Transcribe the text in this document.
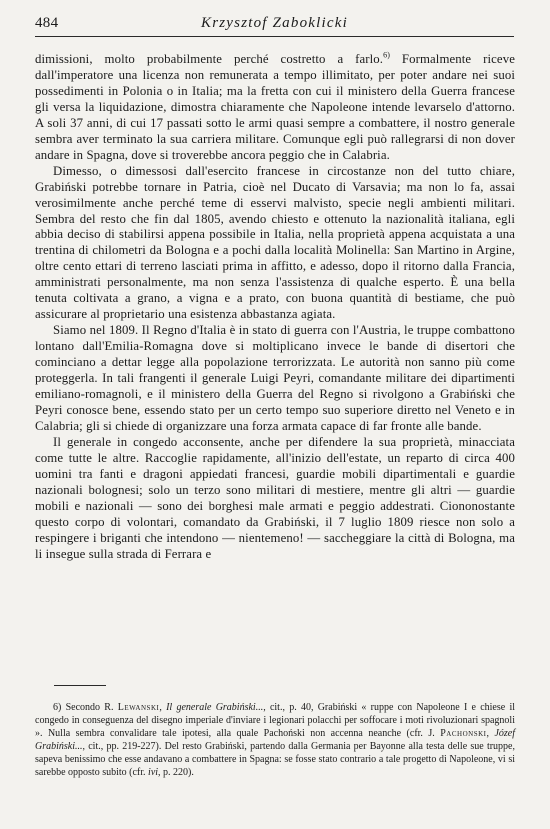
484	Krzysztof Zaboklicki

dimissioni, molto probabilmente perché costretto a farlo.$^{6)}$ Formalmente riceve dall'imperatore una licenza non remunerata a tempo illimitato, per poter andare nei suoi possedimenti in Polonia o in Italia; ma la fretta con cui il ministero della Guerra francese gli versa la liquidazione, dimostra chiaramente che Napoleone intende levarselo d'attorno. A soli 37 anni, di cui 17 passati sotto le armi quasi sempre a combattere, il nostro generale sembra aver terminato la sua carriera militare. Comunque egli può rallegrarsi di non dover andare in Spagna, dove si troverebbe ancora peggio che in Calabria.

Dimesso, o dimessosi dall'esercito francese in circostanze non del tutto chiare, Grabiński potrebbe tornare in Patria, cioè nel Ducato di Varsavia; ma non lo fa, assai verosimilmente anche perché teme di esservi malvisto, specie negli ambienti militari. Sembra del resto che fin dal 1805, avendo chiesto e ottenuto la nazionalità italiana, egli abbia deciso di stabilirsi appena possibile in Italia, nella proprietà appena acquistata a una trentina di chilometri da Bologna e a pochi dalla località Molinella: San Martino in Argine, oltre cento ettari di terreno lasciati prima in affitto, e adesso, dopo il ritorno dalla Francia, amministrati personalmente, ma non senza l'assistenza di qualche esperto. È una bella tenuta coltivata a grano, a vigna e a prato, con buona quantità di bestiame, che può assicurare al proprietario una esistenza abbastanza agiata.

Siamo nel 1809. Il Regno d'Italia è in stato di guerra con l'Austria, le truppe combattono lontano dall'Emilia-Romagna dove si moltiplicano invece le bande di disertori che cominciano a dettar legge alla popolazione terrorizzata. Le autorità non sanno più come proteggerla. In tali frangenti il generale Luigi Peyri, comandante militare dei dipartimenti emiliano-romagnoli, e il ministero della Guerra del Regno si rivolgono a Grabiński che Peyri conosce bene, essendo stato per un certo tempo suo superiore diretto nel Veneto e in Calabria; gli si chiede di organizzare una forza armata capace di far fronte alle bande.

Il generale in congedo acconsente, anche per difendere la sua proprietà, minacciata come tutte le altre. Raccoglie rapidamente, all'inizio dell'estate, un reparto di circa 400 uomini tra fanti e dragoni appiedati francesi, guardie mobili dipartimentali e guardie nazionali bolognesi; solo un terzo sono militari di mestiere, mentre gli altri — guardie mobili e nazionali — sono dei borghesi male armati e peggio addestrati. Ciononostante questo corpo di volontari, comandato da Grabiński, il 7 luglio 1809 riesce non solo a respingere i briganti che intendono — nientemeno! — saccheggiare la città di Bologna, ma li insegue sulla strada di Ferrara e

6) Secondo R. Lewanski, Il generale Grabiński..., cit., p. 40, Grabiński « ruppe con Napoleone I e chiese il congedo in conseguenza del disegno imperiale d'inviare i legionari polacchi per soffocare i moti rivoluzionari spagnoli ». Nulla sembra convalidare tale ipotesi, alla quale Pachoński non accenna neanche (cfr. J. Pachonski, Józef Grabiński..., cit., pp. 219-227). Del resto Grabiński, partendo dalla Germania per Bayonne alla testa delle sue truppe, sapeva benissimo che esse andavano a combattere in Spagna: se fosse stato contrario a tale progetto di Napoleone, vi si sarebbe opposto subito (cfr. ivi, p. 220).
